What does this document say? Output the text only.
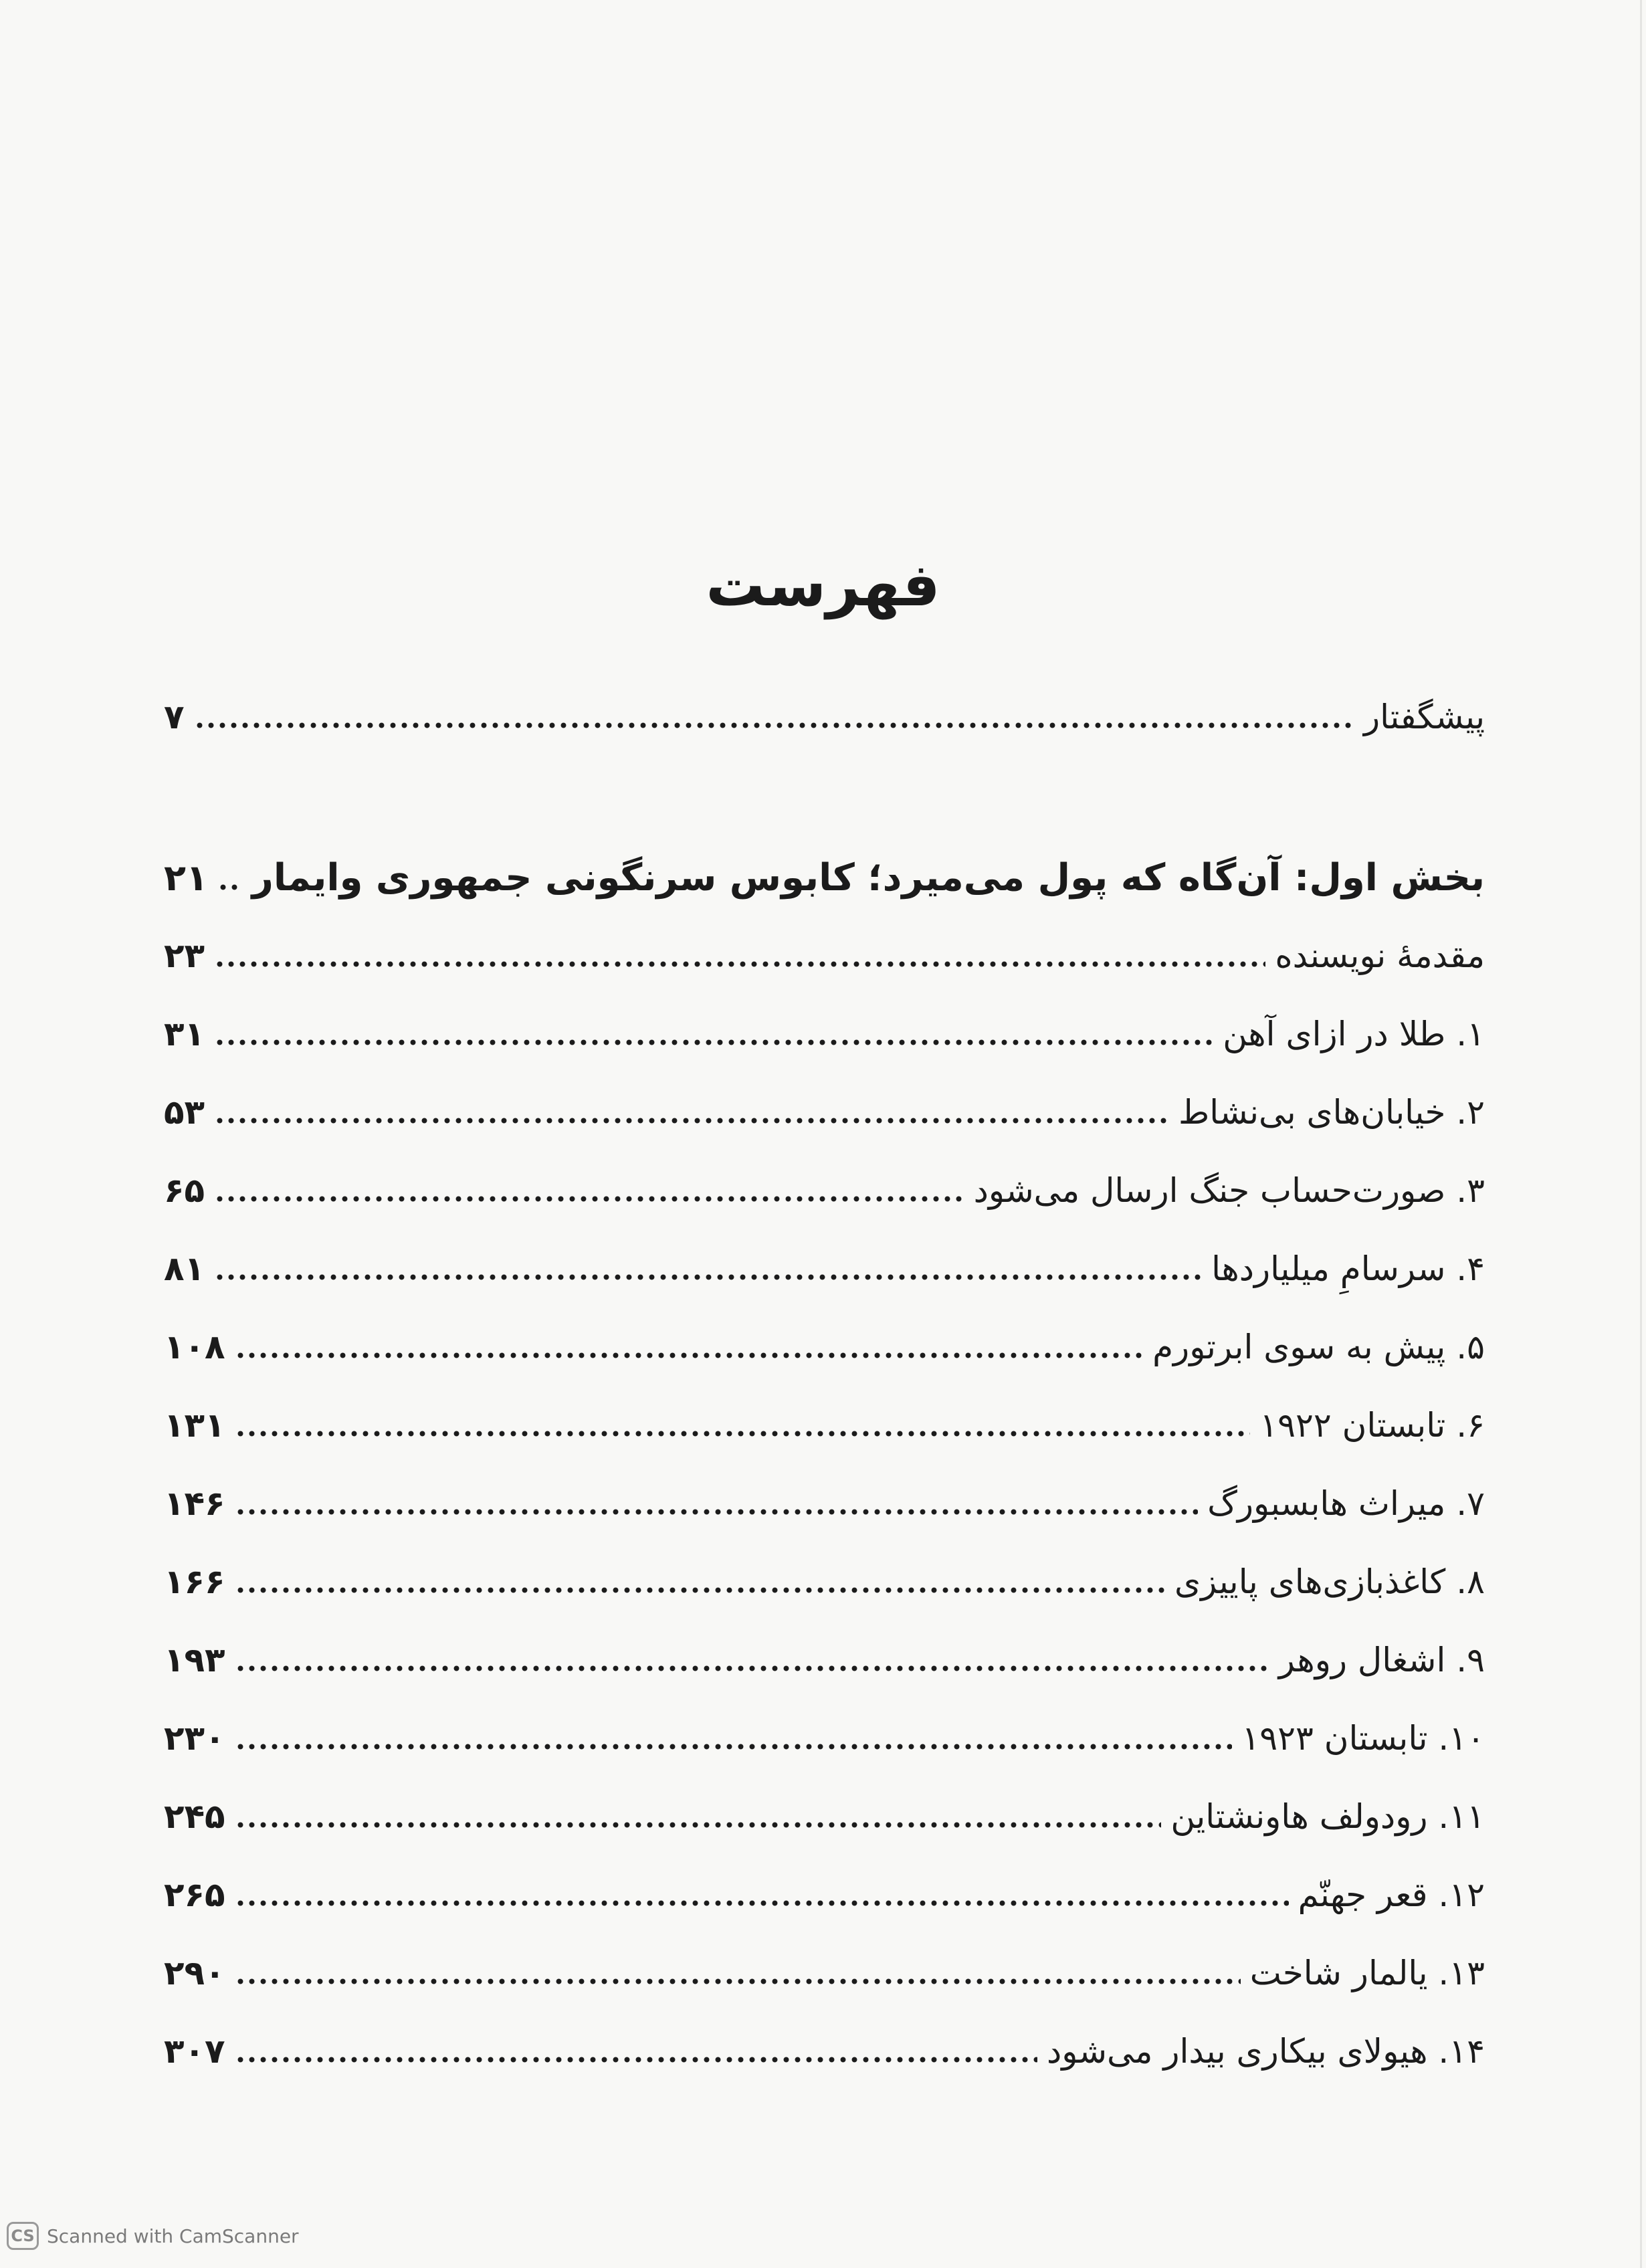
فهرست
پیشگفتار
۷
بخش اول: آن‌گاه که پول می‌میرد؛ کابوس سرنگونی جمهوری وایمار
۲۱
مقدمهٔ نویسنده
۲۳
۱. طلا در ازای آهن
۳۱
۲. خیابان‌های بی‌نشاط
۵۳
۳. صورت‌حساب جنگ ارسال می‌شود
۶۵
۴. سرسامِ میلیاردها
۸۱
۵. پیش به سوی ابرتورم
۱۰۸
۶. تابستان ۱۹۲۲
۱۳۱
۷. میراث هابسبورگ
۱۴۶
۸. کاغذبازی‌های پاییزی
۱۶۶
۹. اشغال روهر
۱۹۳
۱۰. تابستان ۱۹۲۳
۲۳۰
۱۱. رودولف هاونشتاین
۲۴۵
۱۲. قعر جهنّم
۲۶۵
۱۳. یالمار شاخت
۲۹۰
۱۴. هیولای بیکاری بیدار می‌شود
۳۰۷
CS Scanned with CamScanner
